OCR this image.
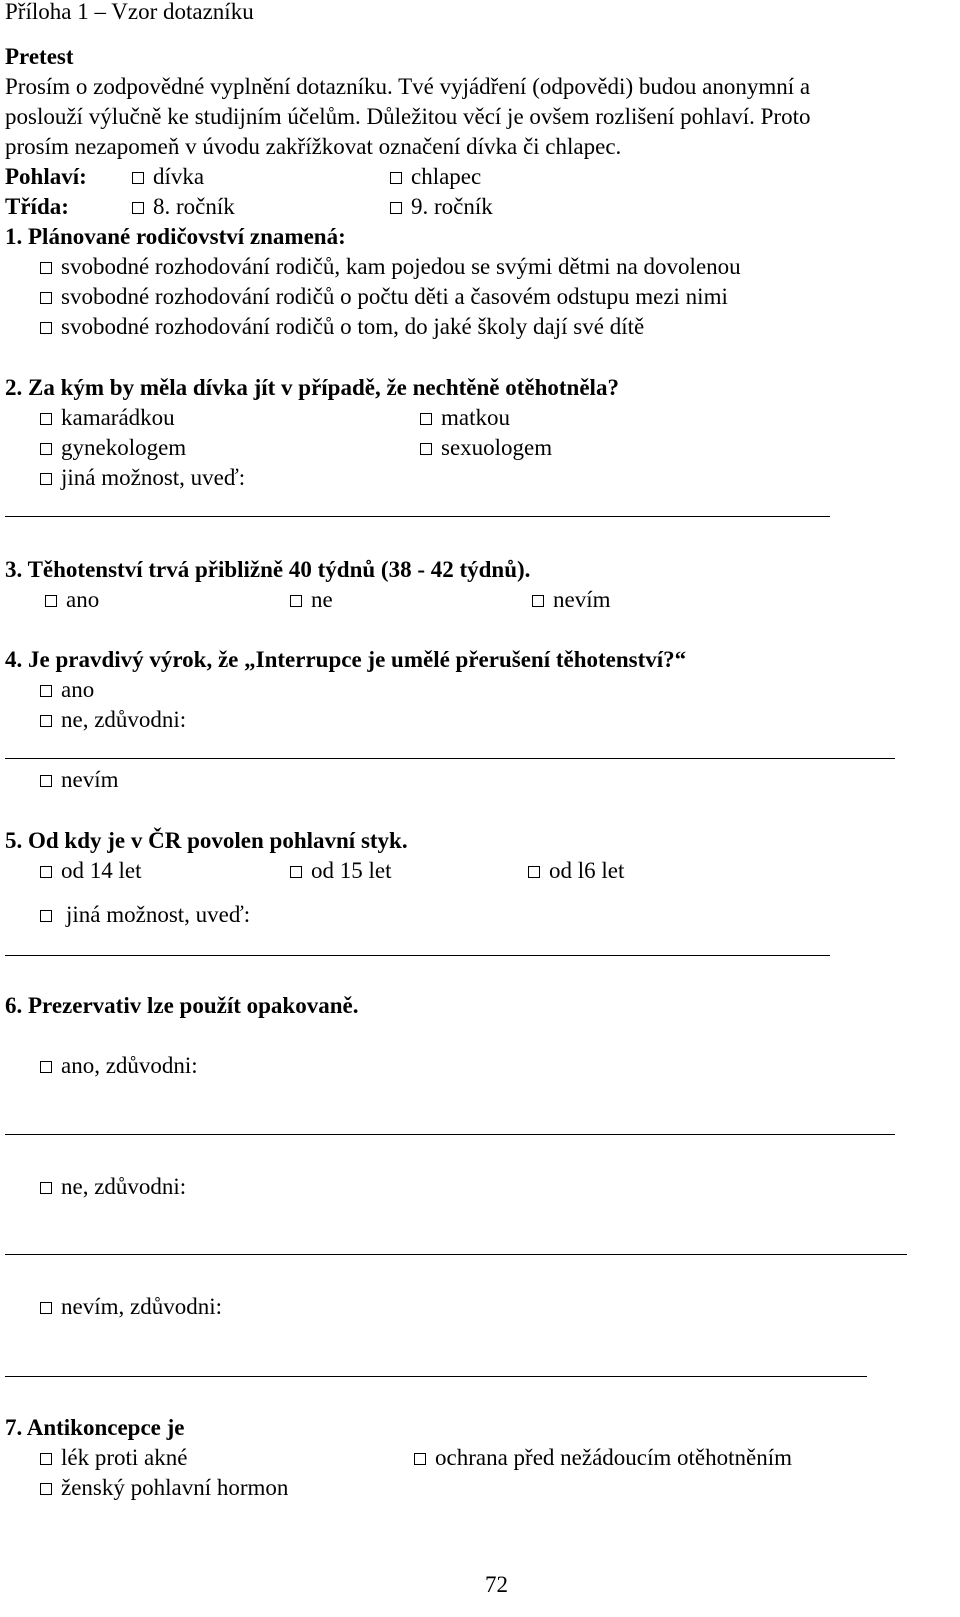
Příloha 1 – Vzor dotazníku
Pretest
Prosím o zodpovědné vyplnění dotazníku. Tvé vyjádření (odpovědi) budou anonymní a
poslouží výlučně ke studijním účelům. Důležitou věcí je ovšem rozlišení pohlaví. Proto
prosím nezapomeň v úvodu zakřížkovat označení dívka či chlapec.
Pohlaví:	dívka	chlapec
Třída:	8. ročník	9. ročník
1. Plánované rodičovství znamená:
svobodné rozhodování rodičů, kam pojedou se svými dětmi na dovolenou
svobodné rozhodování rodičů o počtu děti a časovém odstupu mezi nimi
svobodné rozhodování rodičů o tom, do jaké školy dají své dítě
2. Za kým by měla dívka jít v případě, že nechtěně otěhotněla?
kamarádkou	matkou
gynekologem	sexuologem
jiná možnost, uveď:
3. Těhotenství trvá přibližně 40 týdnů (38 - 42 týdnů).
ano	ne	nevím
4. Je pravdivý výrok, že „Interrupce je umělé přerušení těhotenství?“
ano
ne, zdůvodni:
nevím
5. Od kdy je v ČR povolen pohlavní styk.
od 14 let	od 15 let	od l6 let
jiná možnost, uveď:
6. Prezervativ lze použít opakovaně.
ano, zdůvodni:
ne, zdůvodni:
nevím, zdůvodni:
7. Antikoncepce je
lék proti akné	ochrana před nežádoucím otěhotněním
ženský pohlavní hormon
72
